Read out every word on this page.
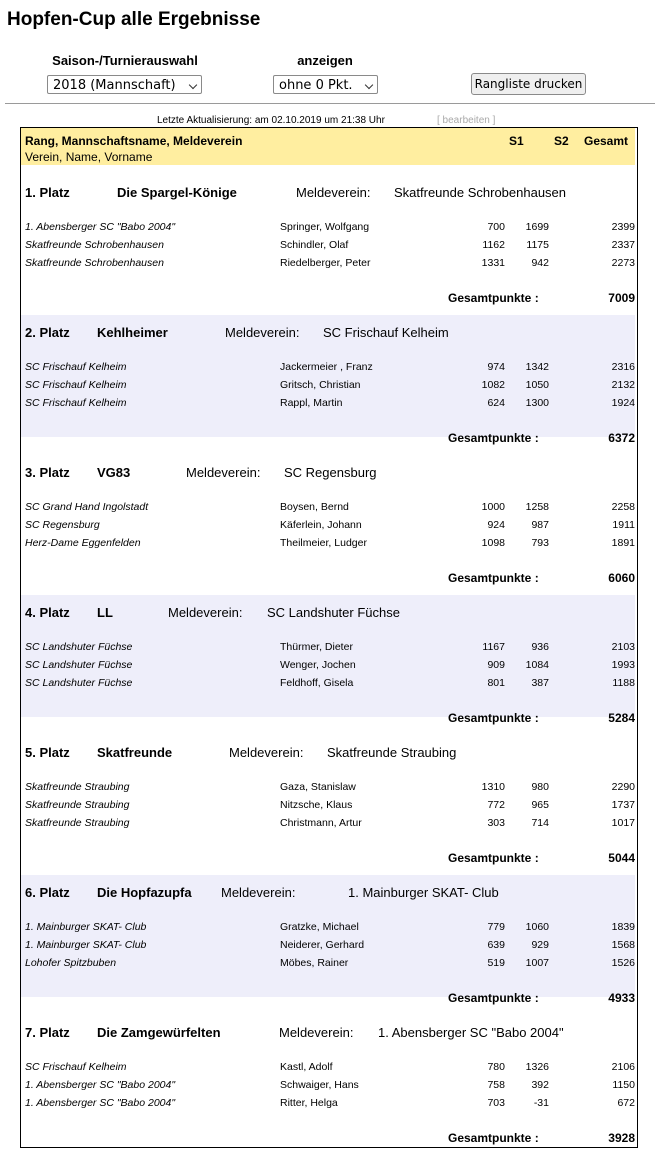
Hopfen-Cup alle Ergebnisse
Saison-/Turnierauswahl
2018 (Mannschaft)
anzeigen
ohne 0 Pkt.	Rangliste drucken
Letzte Aktualisierung: am 02.10.2019 um 21:38 Uhr	[ bearbeiten ]
Rang, Mannschaftsname, Meldeverein
Verein, Name, Vorname
S1	S2 Gesamt
1. Platz	Die Spargel-Könige	Meldeverein: Skatfreunde Schrobenhausen
1. Abensberger SC "Babo 2004"	Springer, Wolfgang	700 1699	2399
Skatfreunde Schrobenhausen	Schindler, Olaf	1162 1175	2337
Skatfreunde Schrobenhausen	Riedelberger, Peter	1331	942	2273
Gesamtpunkte :	7009
2. Platz Kehlheimer	Meldeverein: SC Frischauf Kelheim
SC Frischauf Kelheim	Jackermeier , Franz	974 1342	2316
SC Frischauf Kelheim	Gritsch, Christian	1082 1050	2132
SC Frischauf Kelheim	Rappl, Martin	624 1300	1924
Gesamtpunkte :	6372
3. Platz VG83	Meldeverein: SC Regensburg
SC Grand Hand Ingolstadt	Boysen, Bernd	1000 1258	2258
SC Regensburg	Käferlein, Johann	924	987	1911
Herz-Dame Eggenfelden	Theilmeier, Ludger	1098	793	1891
Gesamtpunkte :	6060
4. Platz LL	Meldeverein: SC Landshuter Füchse
SC Landshuter Füchse	Thürmer, Dieter	1167	936	2103
SC Landshuter Füchse	Wenger, Jochen	909 1084	1993
SC Landshuter Füchse	Feldhoff, Gisela	801	387	1188
Gesamtpunkte :	5284
5. Platz Skatfreunde	Meldeverein: Skatfreunde Straubing
Skatfreunde Straubing	Gaza, Stanislaw	1310	980	2290
Skatfreunde Straubing	Nitzsche, Klaus	772	965	1737
Skatfreunde Straubing	Christmann, Artur	303	714	1017
Gesamtpunkte :	5044
6. Platz Die Hopfazupfa Meldeverein:	1. Mainburger SKAT- Club
1. Mainburger SKAT- Club	Gratzke, Michael	779 1060	1839
1. Mainburger SKAT- Club	Neiderer, Gerhard	639	929	1568
Lohofer Spitzbuben	Möbes, Rainer	519 1007	1526
Gesamtpunkte :	4933
7. Platz Die Zamgewürfelten	Meldeverein: 1. Abensberger SC "Babo 2004"
SC Frischauf Kelheim	Kastl, Adolf	780 1326	2106
1. Abensberger SC "Babo 2004"	Schwaiger, Hans	758	392	1150
1. Abensberger SC "Babo 2004"	Ritter, Helga	703	-31	672
Gesamtpunkte :	3928
